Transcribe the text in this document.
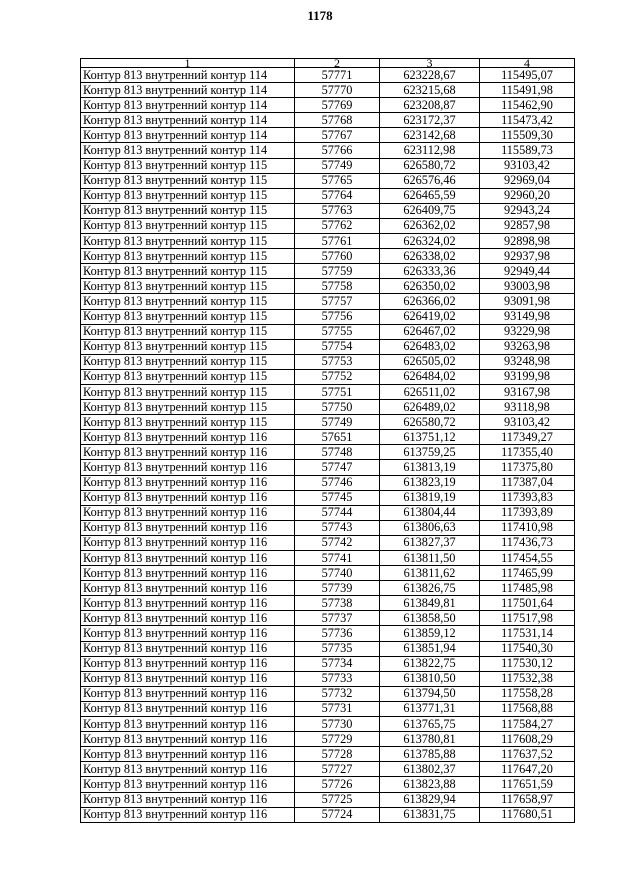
1178
1	2	3	4
Контур 813 внутренний контур 114	57771	623228,67	115495,07
Контур 813 внутренний контур 114	57770	623215,68	115491,98
Контур 813 внутренний контур 114	57769	623208,87	115462,90
Контур 813 внутренний контур 114	57768	623172,37	115473,42
Контур 813 внутренний контур 114	57767	623142,68	115509,30
Контур 813 внутренний контур 114	57766	623112,98	115589,73
Контур 813 внутренний контур 115	57749	626580,72	93103,42
Контур 813 внутренний контур 115	57765	626576,46	92969,04
Контур 813 внутренний контур 115	57764	626465,59	92960,20
Контур 813 внутренний контур 115	57763	626409,75	92943,24
Контур 813 внутренний контур 115	57762	626362,02	92857,98
Контур 813 внутренний контур 115	57761	626324,02	92898,98
Контур 813 внутренний контур 115	57760	626338,02	92937,98
Контур 813 внутренний контур 115	57759	626333,36	92949,44
Контур 813 внутренний контур 115	57758	626350,02	93003,98
Контур 813 внутренний контур 115	57757	626366,02	93091,98
Контур 813 внутренний контур 115	57756	626419,02	93149,98
Контур 813 внутренний контур 115	57755	626467,02	93229,98
Контур 813 внутренний контур 115	57754	626483,02	93263,98
Контур 813 внутренний контур 115	57753	626505,02	93248,98
Контур 813 внутренний контур 115	57752	626484,02	93199,98
Контур 813 внутренний контур 115	57751	626511,02	93167,98
Контур 813 внутренний контур 115	57750	626489,02	93118,98
Контур 813 внутренний контур 115	57749	626580,72	93103,42
Контур 813 внутренний контур 116	57651	613751,12	117349,27
Контур 813 внутренний контур 116	57748	613759,25	117355,40
Контур 813 внутренний контур 116	57747	613813,19	117375,80
Контур 813 внутренний контур 116	57746	613823,19	117387,04
Контур 813 внутренний контур 116	57745	613819,19	117393,83
Контур 813 внутренний контур 116	57744	613804,44	117393,89
Контур 813 внутренний контур 116	57743	613806,63	117410,98
Контур 813 внутренний контур 116	57742	613827,37	117436,73
Контур 813 внутренний контур 116	57741	613811,50	117454,55
Контур 813 внутренний контур 116	57740	613811,62	117465,99
Контур 813 внутренний контур 116	57739	613826,75	117485,98
Контур 813 внутренний контур 116	57738	613849,81	117501,64
Контур 813 внутренний контур 116	57737	613858,50	117517,98
Контур 813 внутренний контур 116	57736	613859,12	117531,14
Контур 813 внутренний контур 116	57735	613851,94	117540,30
Контур 813 внутренний контур 116	57734	613822,75	117530,12
Контур 813 внутренний контур 116	57733	613810,50	117532,38
Контур 813 внутренний контур 116	57732	613794,50	117558,28
Контур 813 внутренний контур 116	57731	613771,31	117568,88
Контур 813 внутренний контур 116	57730	613765,75	117584,27
Контур 813 внутренний контур 116	57729	613780,81	117608,29
Контур 813 внутренний контур 116	57728	613785,88	117637,52
Контур 813 внутренний контур 116	57727	613802,37	117647,20
Контур 813 внутренний контур 116	57726	613823,88	117651,59
Контур 813 внутренний контур 116	57725	613829,94	117658,97
Контур 813 внутренний контур 116	57724	613831,75	117680,51
